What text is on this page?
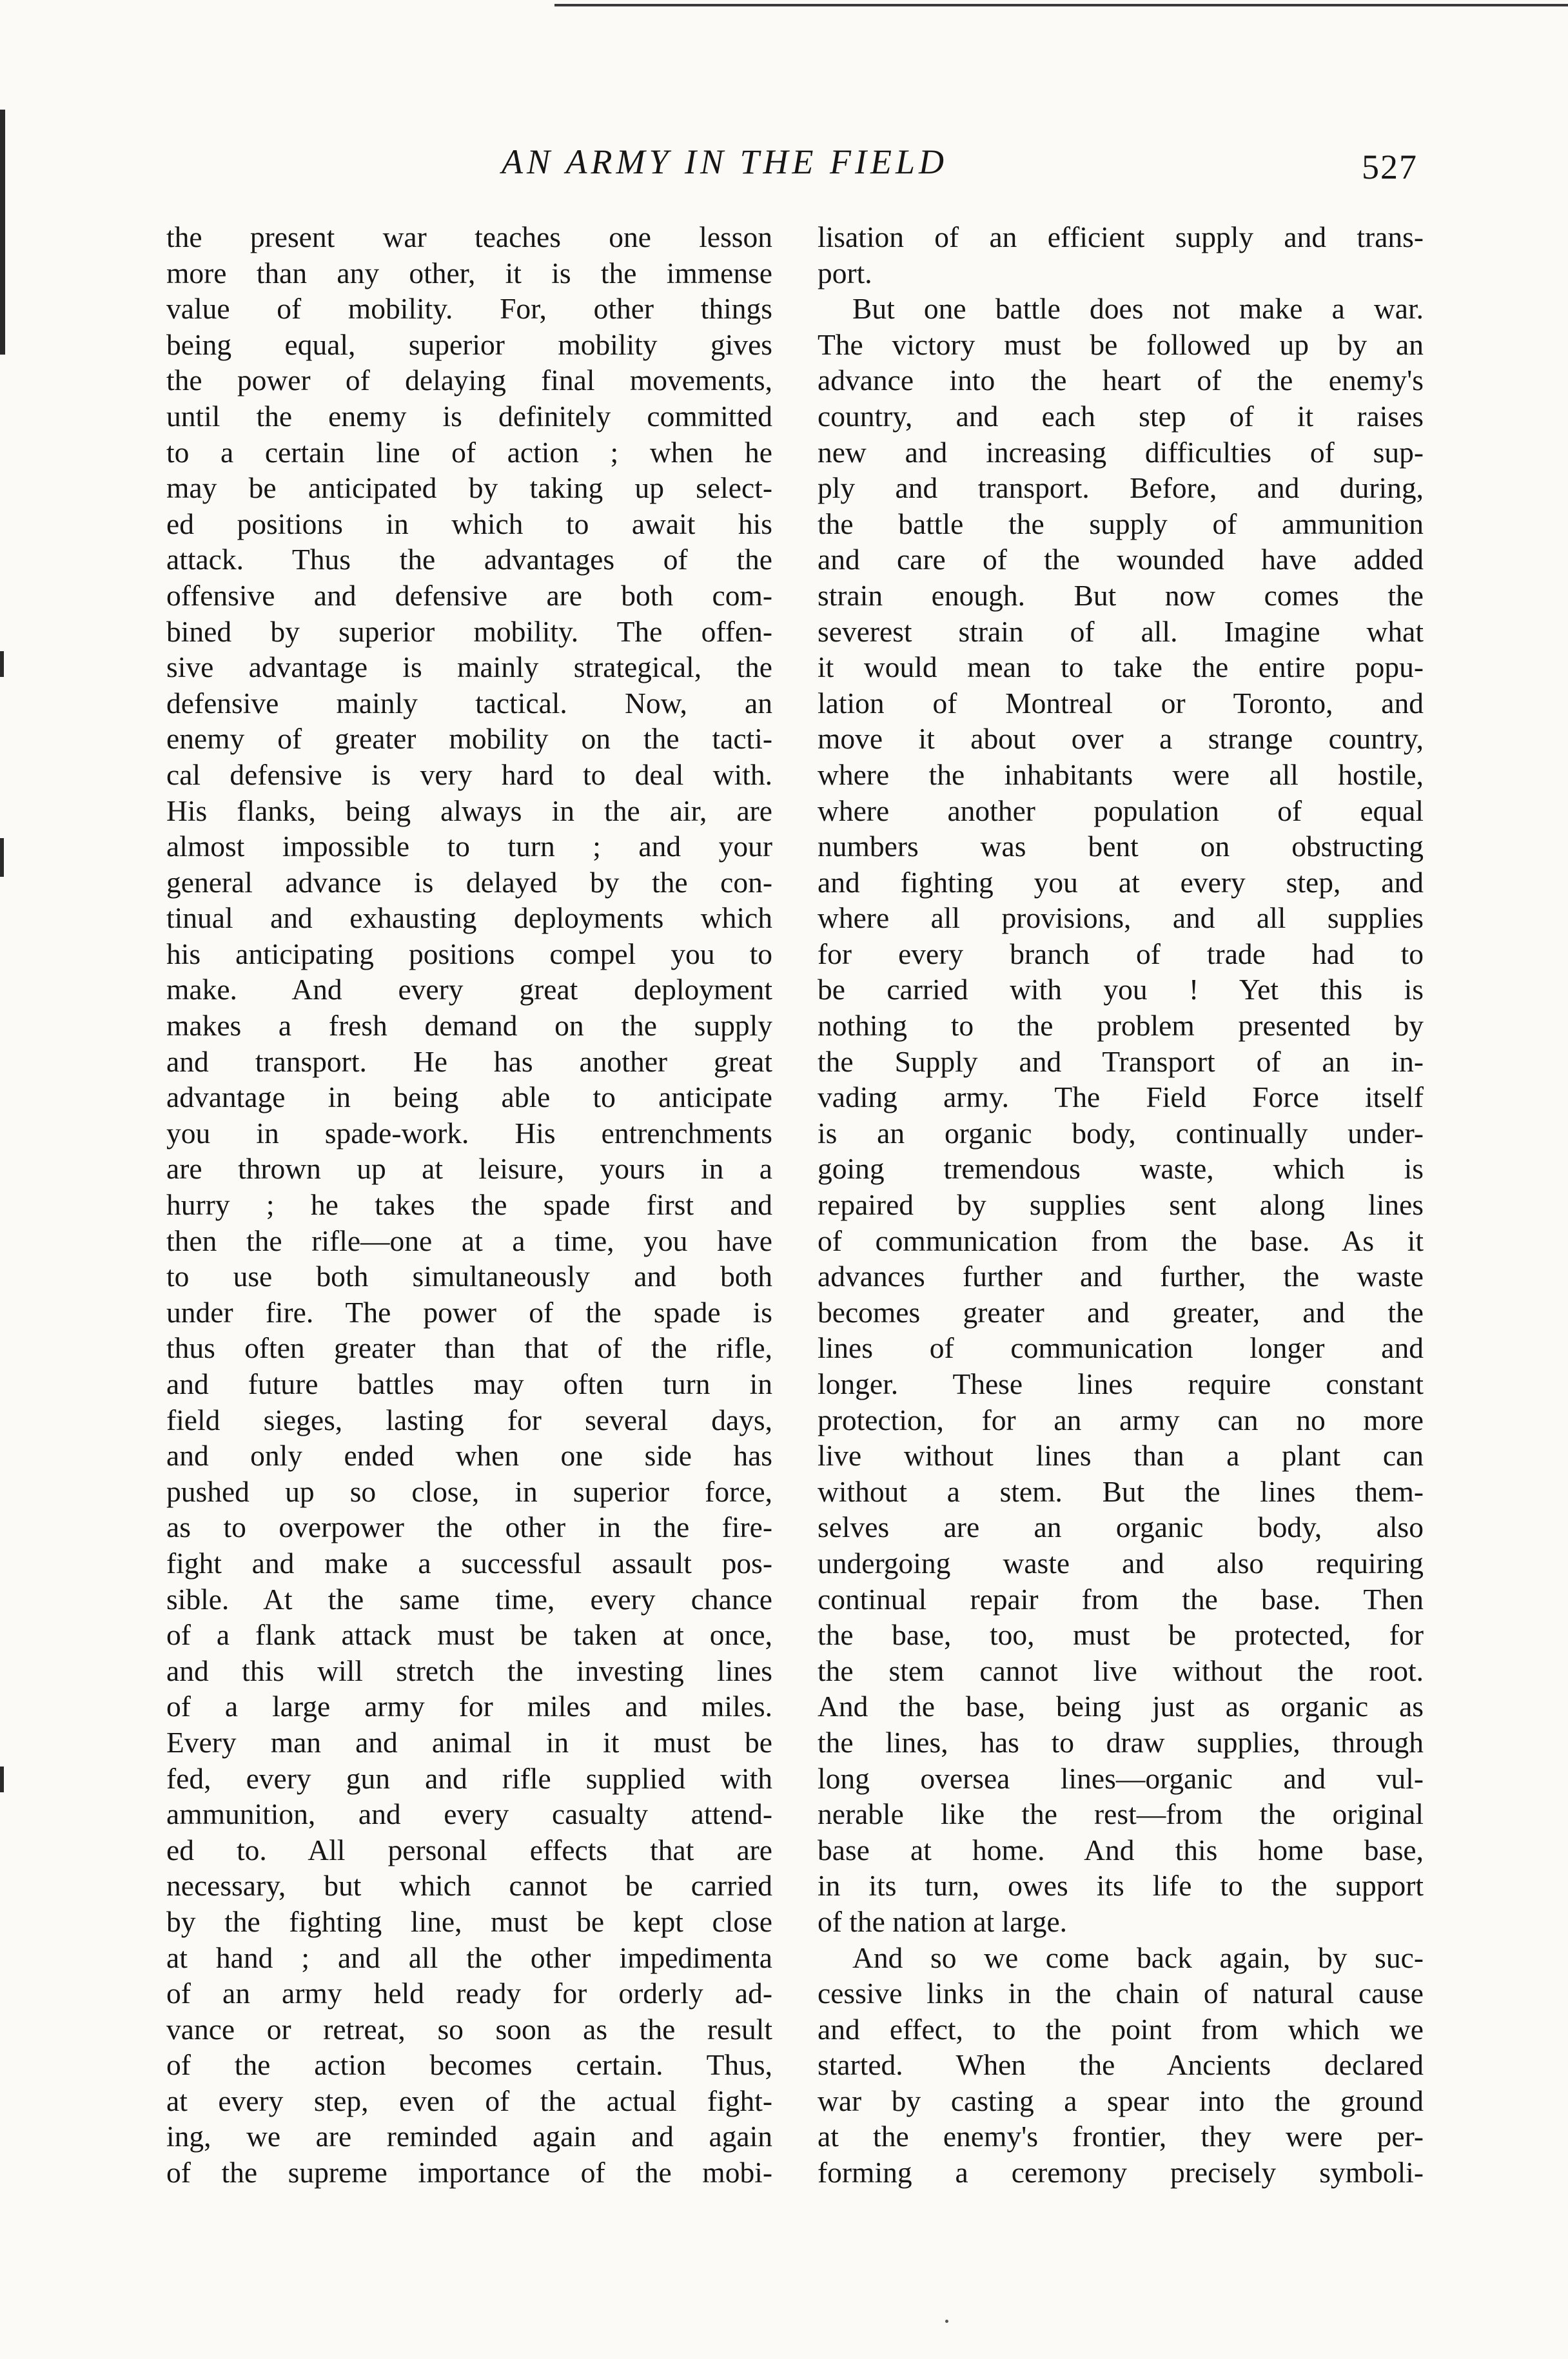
AN ARMY IN THE FIELD	527
the present war teaches one lesson
more than any other, it is the immense
value of mobility. For, other things
being equal, superior mobility gives
the power of delaying final movements,
until the enemy is definitely committed
to a certain line of action ; when he
may be anticipated by taking up select-
ed positions in which to await his
attack. Thus the advantages of the
offensive and defensive are both com-
bined by superior mobility. The offen-
sive advantage is mainly strategical, the
defensive mainly tactical. Now, an
enemy of greater mobility on the tacti-
cal defensive is very hard to deal with.
His flanks, being always in the air, are
almost impossible to turn ; and your
general advance is delayed by the con-
tinual and exhausting deployments which
his anticipating positions compel you to
make. And every great deployment
makes a fresh demand on the supply
and transport. He has another great
advantage in being able to anticipate
you in spade-work. His entrenchments
are thrown up at leisure, yours in a
hurry ; he takes the spade first and
then the rifle—one at a time, you have
to use both simultaneously and both
under fire. The power of the spade is
thus often greater than that of the rifle,
and future battles may often turn in
field sieges, lasting for several days,
and only ended when one side has
pushed up so close, in superior force,
as to overpower the other in the fire-
fight and make a successful assault pos-
sible. At the same time, every chance
of a flank attack must be taken at once,
and this will stretch the investing lines
of a large army for miles and miles.
Every man and animal in it must be
fed, every gun and rifle supplied with
ammunition, and every casualty attend-
ed to. All personal effects that are
necessary, but which cannot be carried
by the fighting line, must be kept close
at hand ; and all the other impedimenta
of an army held ready for orderly ad-
vance or retreat, so soon as the result
of the action becomes certain. Thus,
at every step, even of the actual fight-
ing, we are reminded again and again
of the supreme importance of the mobi-
lisation of an efficient supply and trans-
port.
But one battle does not make a war.
The victory must be followed up by an
advance into the heart of the enemy's
country, and each step of it raises
new and increasing difficulties of sup-
ply and transport. Before, and during,
the battle the supply of ammunition
and care of the wounded have added
strain enough. But now comes the
severest strain of all. Imagine what
it would mean to take the entire popu-
lation of Montreal or Toronto, and
move it about over a strange country,
where the inhabitants were all hostile,
where another population of equal
numbers was bent on obstructing
and fighting you at every step, and
where all provisions, and all supplies
for every branch of trade had to
be carried with you ! Yet this is
nothing to the problem presented by
the Supply and Transport of an in-
vading army. The Field Force itself
is an organic body, continually under-
going tremendous waste, which is
repaired by supplies sent along lines
of communication from the base. As it
advances further and further, the waste
becomes greater and greater, and the
lines of communication longer and
longer. These lines require constant
protection, for an army can no more
live without lines than a plant can
without a stem. But the lines them-
selves are an organic body, also
undergoing waste and also requiring
continual repair from the base. Then
the base, too, must be protected, for
the stem cannot live without the root.
And the base, being just as organic as
the lines, has to draw supplies, through
long oversea lines—organic and vul-
nerable like the rest—from the original
base at home. And this home base,
in its turn, owes its life to the support
of the nation at large.
And so we come back again, by suc-
cessive links in the chain of natural cause
and effect, to the point from which we
started. When the Ancients declared
war by casting a spear into the ground
at the enemy's frontier, they were per-
forming a ceremony precisely symboli-
